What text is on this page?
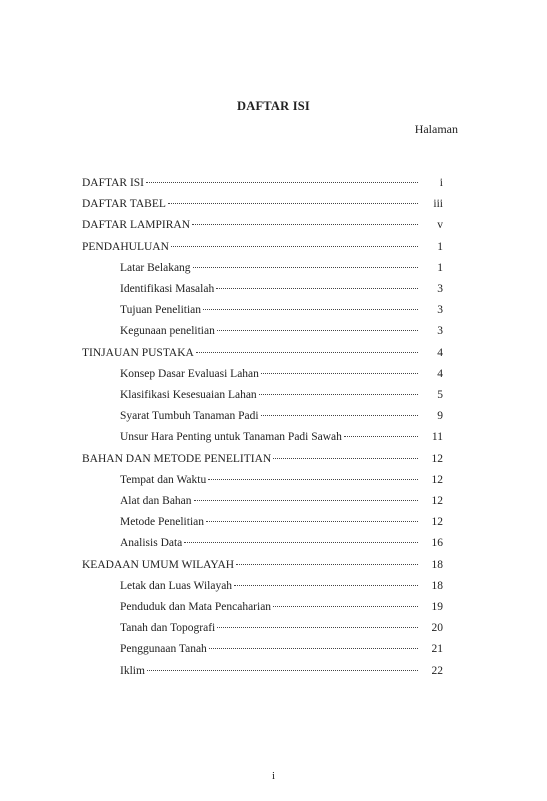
DAFTAR ISI
Halaman
DAFTAR ISI	i
DAFTAR TABEL	iii
DAFTAR LAMPIRAN	v
PENDAHULUAN	1
Latar Belakang	1
Identifikasi Masalah	3
Tujuan Penelitian	3
Kegunaan penelitian	3
TINJAUAN PUSTAKA	4
Konsep Dasar Evaluasi Lahan	4
Klasifikasi Kesesuaian Lahan	5
Syarat Tumbuh Tanaman Padi	9
Unsur Hara Penting untuk Tanaman Padi Sawah	11
BAHAN DAN METODE PENELITIAN	12
Tempat dan Waktu	12
Alat dan Bahan	12
Metode Penelitian	12
Analisis Data	16
KEADAAN UMUM WILAYAH	18
Letak dan Luas Wilayah	18
Penduduk dan Mata Pencaharian	19
Tanah dan Topografi	20
Penggunaan Tanah	21
Iklim	22
i
